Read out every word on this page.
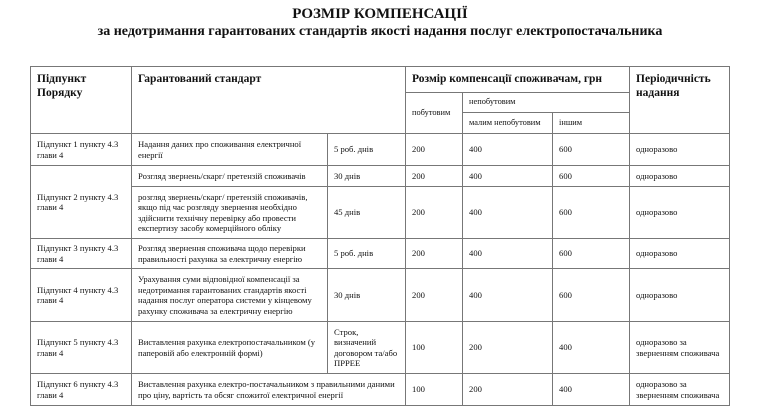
РОЗМІР КОМПЕНСАЦІЇ
за недотримання гарантованих стандартів якості надання послуг електропостачальника
Підпункт Порядку	Гарантований стандарт		Розмір компенсації споживачам, грн			Періодичність надання
			побутовим	непобутовим		
				малим непобутовим	іншим	
Підпункт 1 пункту 4.3 глави 4	Надання даних про споживання електричної енергії	5 роб. днів	200	400	600	одноразово
Підпункт 2 пункту 4.3 глави 4	Розгляд звернень/скарг/ претензій споживачів	30 днів	200	400	600	одноразово
	розгляд звернень/скарг/ претензій споживачів, якщо під час розгляду звернення необхідно здійснити технічну перевірку або провести експертизу засобу комерційного обліку	45 днів	200	400	600	одноразово
Підпункт 3 пункту 4.3 глави 4	Розгляд звернення споживача щодо перевірки правильності рахунка за електричну енергію	5 роб. днів	200	400	600	одноразово
Підпункт 4 пункту 4.3 глави 4	Урахування суми відповідної компенсації за недотримання гарантованих стандартів якості надання послуг оператора системи у кінцевому рахунку споживача за електричну енергію	30 днів	200	400	600	одноразово
Підпункт 5 пункту 4.3 глави 4	Виставлення рахунка електропостачальником (у паперовій або електронній формі)	Строк, визначений договором та/або ПРРЕЕ	100	200	400	одноразово за зверненням споживача
Підпункт 6 пункту 4.3 глави 4	Виставлення рахунка електро-постачальником з правильними даними про ціну, вартість та обсяг спожитої електричної енергії		100	200	400	одноразово за зверненням споживача
